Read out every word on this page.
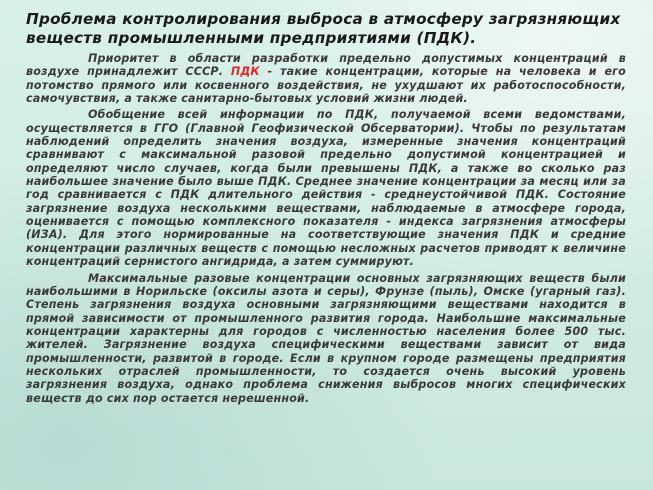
Проблема контролирования выброса в атмосферу загрязняющих веществ промышленными предприятиями (ПДК).

Приоритет в области разработки предельно допустимых концентраций в воздухе принадлежит СССР. ПДК - такие концентрации, которые на человека и его потомство прямого или косвенного воздействия, не ухудшают их работоспособности, самочувствия, а также санитарно-бытовых условий жизни людей.

Обобщение всей информации по ПДК, получаемой всеми ведомствами, осуществляется в ГГО (Главной Геофизической Обсерватории). Чтобы по результатам наблюдений определить значения воздуха, измеренные значения концентраций сравнивают с максимальной разовой предельно допустимой концентрацией и определяют число случаев, когда были превышены ПДК, а также во сколько раз наибольшее значение было выше ПДК. Среднее значение концентрации за месяц или за год сравнивается с ПДК длительного действия - среднеустойчивой ПДК. Состояние загрязнение воздуха несколькими веществами, наблюдаемые в атмосфере города, оценивается с помощью комплексного показателя - индекса загрязнения атмосферы (ИЗА). Для этого нормированные на соответствующие значения ПДК и средние концентрации различных веществ с помощью несложных расчетов приводят к величине концентраций сернистого ангидрида, а затем суммируют.

Максимальные разовые концентрации основных загрязняющих веществ были наибольшими в Норильске (оксилы азота и серы), Фрунзе (пыль), Омске (угарный газ). Степень загрязнения воздуха основными загрязняющими веществами находится в прямой зависимости от промышленного развития города. Наибольшие максимальные концентрации характерны для городов с численностью населения более 500 тыс. жителей. Загрязнение воздуха специфическими веществами зависит от вида промышленности, развитой в городе. Если в крупном городе размещены предприятия нескольких отраслей промышленности, то создается очень высокий уровень загрязнения воздуха, однако проблема снижения выбросов многих специфических веществ до сих пор остается нерешенной.
